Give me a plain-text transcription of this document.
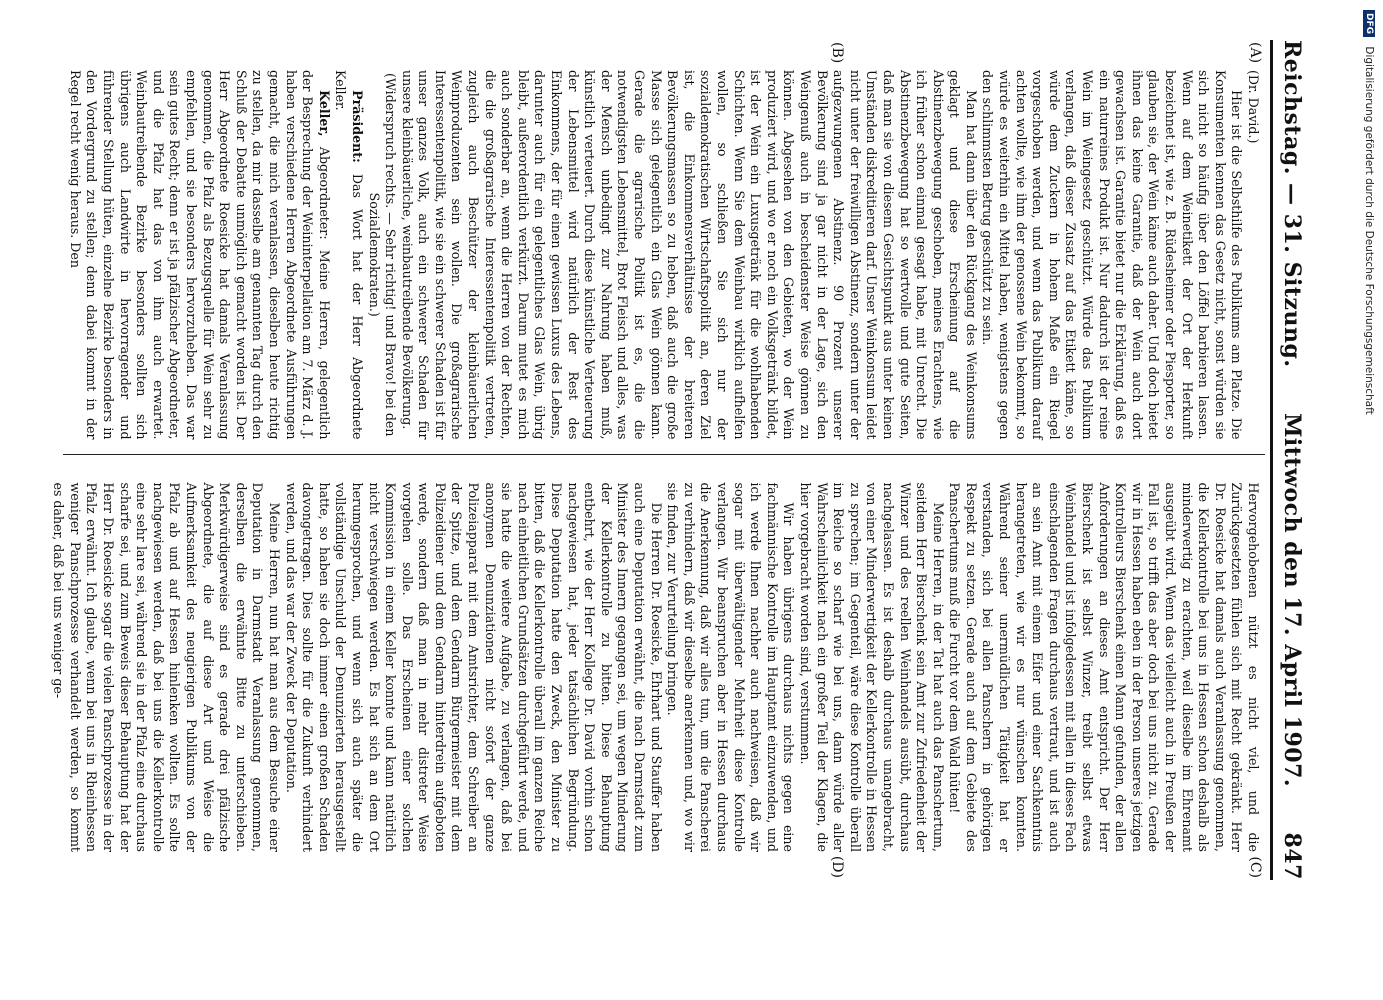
Reichstag. — 31. Sitzung.
Mittwoch den 17. April 1907.
847
(A)
(B)

(Dr. David.)

Hier ist die Selbsthilfe des Publikums am Platze. Die Konsumenten kennen das Gesetz nicht, sonst würden sie sich nicht so häufig über den Löffel barbieren lassen. Wenn auf dem Weinetikett der Ort der Herkunft bezeichnet ist, wie z. B. Rüdesheimer oder Piesporter, so glauben sie, der Wein käme auch daher. Und doch bietet ihnen das keine Garantie, daß der Wein auch dort gewachsen ist. Garantie bietet nur die Erklärung, daß es ein naturreines Produkt ist. Nur dadurch ist der reine Wein im Weingesetz geschützt. Würde das Publikum verlangen, daß dieser Zusatz auf das Etikett käme, so würde dem Zuckern in hohem Maße ein Riegel vorgeschoben werden, und wenn das Publikum darauf achten wollte, wie ihm der genossene Wein bekommt, so würde es weiterhin ein Mittel haben, wenigstens gegen den schlimmsten Betrug geschützt zu sein.

Man hat dann über den Rückgang des Weinkonsums geklagt und diese Erscheinung auf die Abstinenzbewegung geschoben, meines Erachtens, wie ich früher schon einmal gesagt habe, mit Unrecht. Die Abstinenzbewegung hat so wertvolle und gute Seiten, daß man sie von diesem Gesichtspunkt aus unter keinen Umständen diskreditieren darf. Unser Weinkonsum leidet nicht unter der freiwilligen Abstinenz, sondern unter der aufgezwungenen Abstinenz. 90 Prozent unserer Bevölkerung sind ja gar nicht in der Lage, sich den Weingenuß auch in bescheidenster Weise gönnen zu können. Abgesehen von den Gebieten, wo der Wein produziert wird, und wo er noch ein Volksgetränk bildet, ist der Wein ein Luxusgetränk für die wohlhabenden Schichten. Wenn Sie dem Weinbau wirklich aufhelfen wollen, so schließen Sie sich nur der sozialdemokratischen Wirtschaftspolitik an, deren Ziel ist, die Einkommensverhältnisse der breiteren Bevölkerungsmassen so zu heben, daß auch die große Masse sich gelegentlich ein Glas Wein gönnen kann. Gerade die agrarische Politik ist es, die die notwendigsten Lebensmittel, Brot Fleisch und alles, was der Mensch unbedingt zur Nahrung haben muß, künstlich verteuert. Durch diese künstliche Verteuerung der Lebensmittel wird natürlich der Rest des Einkommens, der für einen gewissen Luxus des Lebens, darunter auch für ein gelegentliches Glas Wein, übrig bleibt, außerordentlich verkürzt. Darum mutet es mich auch sonderbar an, wenn die Herren von der Rechten, die die großagrarische Interessentenpolitik vertreten, zugleich auch Beschützer der kleinbäuerlichen Weinproduzenten sein wollen. Die großagrarische Interessentenpolitik, wie sie ein schwerer Schaden ist für unser ganzes Volk, auch ein schwerer Schaden für unsere kleinbäuerliche, weinbautreibende Bevölkerung.

(Widerspruch rechts. — Sehr richtig! und Bravo! bei den Sozialdemokraten.)

Präsident: Das Wort hat der Herr Abgeordnete Keller.

Keller, Abgeordneter: Meine Herren, gelegentlich der Besprechung der Weininterpellation am 7. März d. J. haben verschiedene Herren Abgeordnete Ausführungen gemacht, die mich veranlassen, dieselben heute richtig zu stellen, da mir dasselbe am genannten Tag durch den Schluß der Debatte unmöglich gemacht worden ist. Der Herr Abgeordnete Roesicke hat damals Veranlassung genommen, die Pfalz als Bezugsquelle für Wein sehr zu empfehlen, und sie besonders hervorzuheben. Das war sein gutes Recht; denn er ist ja pfälzischer Abgeordneter, und die Pfalz hat das von ihm auch erwartet. Weinbautreibende Bezirke besonders sollten sich übrigens auch Landwirte in hervorragender und führender Stellung hüten, einzelne Bezirke besonders in den Vordergrund zu stellen; denn dabei kommt in der Regel recht wenig heraus. Den

(C)
(D)

Hervorgehobenen nützt es nicht viel, und die Zurückgesetzten fühlen sich mit Recht gekränkt. Herr Dr. Roesicke hat damals auch Veranlassung genommen, die Kellerkontrolle bei uns in Hessen schon deshalb als minderwertig zu erachten, weil dieselbe im Ehrenamt ausgeübt wird. Wenn das vielleicht auch in Preußen der Fall ist, so trifft das aber doch bei uns nicht zu. Gerade wir in Hessen haben eben in der Person unseres jetzigen Kontrolleurs Bierschenk einen Mann gefunden, der allen Anforderungen an dieses Amt entspricht. Der Herr Bierschenk ist selbst Winzer, treibt selbst etwas Weinhandel und ist infolgedessen mit allen in dieses Fach einschlagenden Fragen durchaus vertraut, und ist auch an sein Amt mit einem Eifer und einer Sachkenntnis herangetreten, wie wir es nur wünschen konnten. Während seiner unermüdlichen Tätigkeit hat er verstanden, sich bei allen Panschern in gehörigen Respekt zu setzen. Gerade auch auf dem Gebiete des Panschertums muß die Furcht vor dem Wald hüten!

Meine Herren, in der Tat hat auch das Panschertum, seitdem Herr Bierschenk sein Amt zur Zufriedenheit der Winzer und des reellen Weinhandels ausübt, durchaus nachgelassen. Es ist deshalb durchaus unangebracht, von einer Minderwertigkeit der Kellerkontrolle in Hessen zu sprechen; im Gegenteil, wäre diese Kontrolle überall im Reiche so scharf wie bei uns, dann würde aller Wahrscheinlichkeit nach ein großer Teil der Klagen, die hier vorgebracht worden sind, verstummen.

Wir haben übrigens durchaus nichts gegen eine fachmännische Kontrolle im Hauptamt einzuwenden, und ich werde Ihnen nachher auch nachweisen, daß wir sogar mit überwältigender Mehrheit diese Kontrolle verlangen. Wir beanspruchen aber in Hessen durchaus die Anerkennung, daß wir alles tun, um die Panscherei zu verhindern, daß wir dieselbe anerkennen und, wo wir sie finden, zur Verurteilung bringen.

Die Herren Dr. Roesicke, Ehrhart und Stauffer haben auch eine Deputation erwähnt, die nach Darmstadt zum Minister des Innern gegangen sei, um wegen Minderung der Kellerkontrolle zu bitten. Diese Behauptung entbehrt, wie der Herr Kollege Dr. David vorhin schon nachgewiesen hat, jeder tatsächlichen Begründung. Diese Deputation hatte den Zweck, den Minister zu bitten, daß die Kellerkontrolle überall im ganzen Reiche nach einheitlichen Grundsätzen durchgeführt werde, und sie hatte die weitere Aufgabe, zu verlangen, daß bei anonymen Denunziationen nicht sofort der ganze Polizeiapparat mit dem Amtsrichter, dem Schreiber an der Spitze, und dem Gendarm Bürgermeister mit dem Polizeidiener und dem Gendarm hinterdrein aufgeboten werde, sondern daß man in mehr distreter Weise vorgehen solle. Das Erscheinen einer solchen Kommission in einem Keller konnte und kann natürlich nicht verschwiegen werden. Es hat sich an dem Ort herumgesprochen, und wenn sich auch später die vollständige Unschuld der Denunzierten herausgestellt hatte, so haben sie doch immer einen großen Schaden davongetragen. Dies sollte für die Zukunft verhindert werden, und das war der Zweck der Deputation.

Meine Herren, nun hat man aus dem Besuche einer Deputation in Darmstadt Veranlassung genommen, derselben die erwähnte Bitte zu unterschieben. Merkwürdigerweise sind es gerade drei pfälzische Abgeordnete, die auf diese Art und Weise die Aufmerksamkeit des neugierigen Publikums von der Pfalz ab und auf Hessen hinlenken wollten. Es sollte nachgewiesen werden, daß bei uns die Kellerkontrolle eine sehr lare sei, während sie in der Pfalz eine durchaus scharfe sei, und zum Beweis dieser Behauptung hat der Herr Dr. Roesicke sogar die vielen Panschprozesse in der Pfalz erwähnt. Ich glaube, wenn bei uns in Rheinhessen weniger Panschprozesse verhandelt werden, so kommt es daher, daß bei uns weniger ge-

DFG Digitalisierung gefördert durch die Deutsche Forschungsgemeinschaft
